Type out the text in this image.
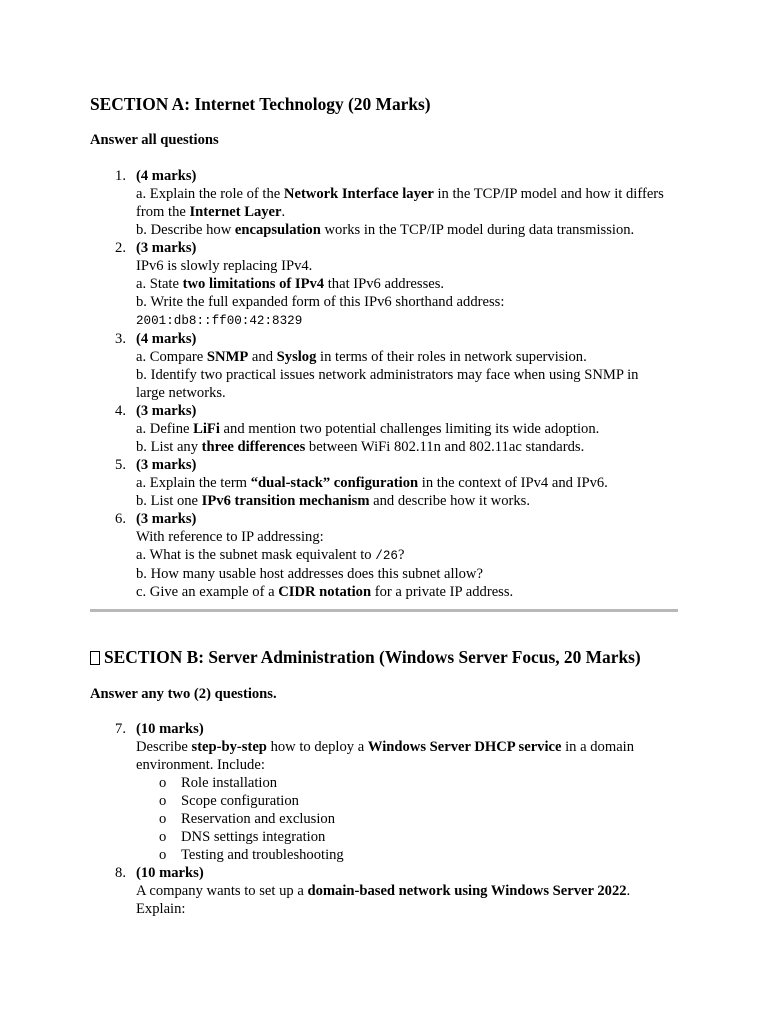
SECTION A: Internet Technology (20 Marks)
Answer all questions
1. (4 marks)
a. Explain the role of the Network Interface layer in the TCP/IP model and how it differs from the Internet Layer.
b. Describe how encapsulation works in the TCP/IP model during data transmission.
2. (3 marks)
IPv6 is slowly replacing IPv4.
a. State two limitations of IPv4 that IPv6 addresses.
b. Write the full expanded form of this IPv6 shorthand address:
2001:db8::ff00:42:8329
3. (4 marks)
a. Compare SNMP and Syslog in terms of their roles in network supervision.
b. Identify two practical issues network administrators may face when using SNMP in large networks.
4. (3 marks)
a. Define LiFi and mention two potential challenges limiting its wide adoption.
b. List any three differences between WiFi 802.11n and 802.11ac standards.
5. (3 marks)
a. Explain the term “dual-stack” configuration in the context of IPv4 and IPv6.
b. List one IPv6 transition mechanism and describe how it works.
6. (3 marks)
With reference to IP addressing:
a. What is the subnet mask equivalent to /26?
b. How many usable host addresses does this subnet allow?
c. Give an example of a CIDR notation for a private IP address.
SECTION B: Server Administration (Windows Server Focus, 20 Marks)
Answer any two (2) questions.
7. (10 marks)
Describe step-by-step how to deploy a Windows Server DHCP service in a domain environment. Include:
o Role installation
o Scope configuration
o Reservation and exclusion
o DNS settings integration
o Testing and troubleshooting
8. (10 marks)
A company wants to set up a domain-based network using Windows Server 2022. Explain:
